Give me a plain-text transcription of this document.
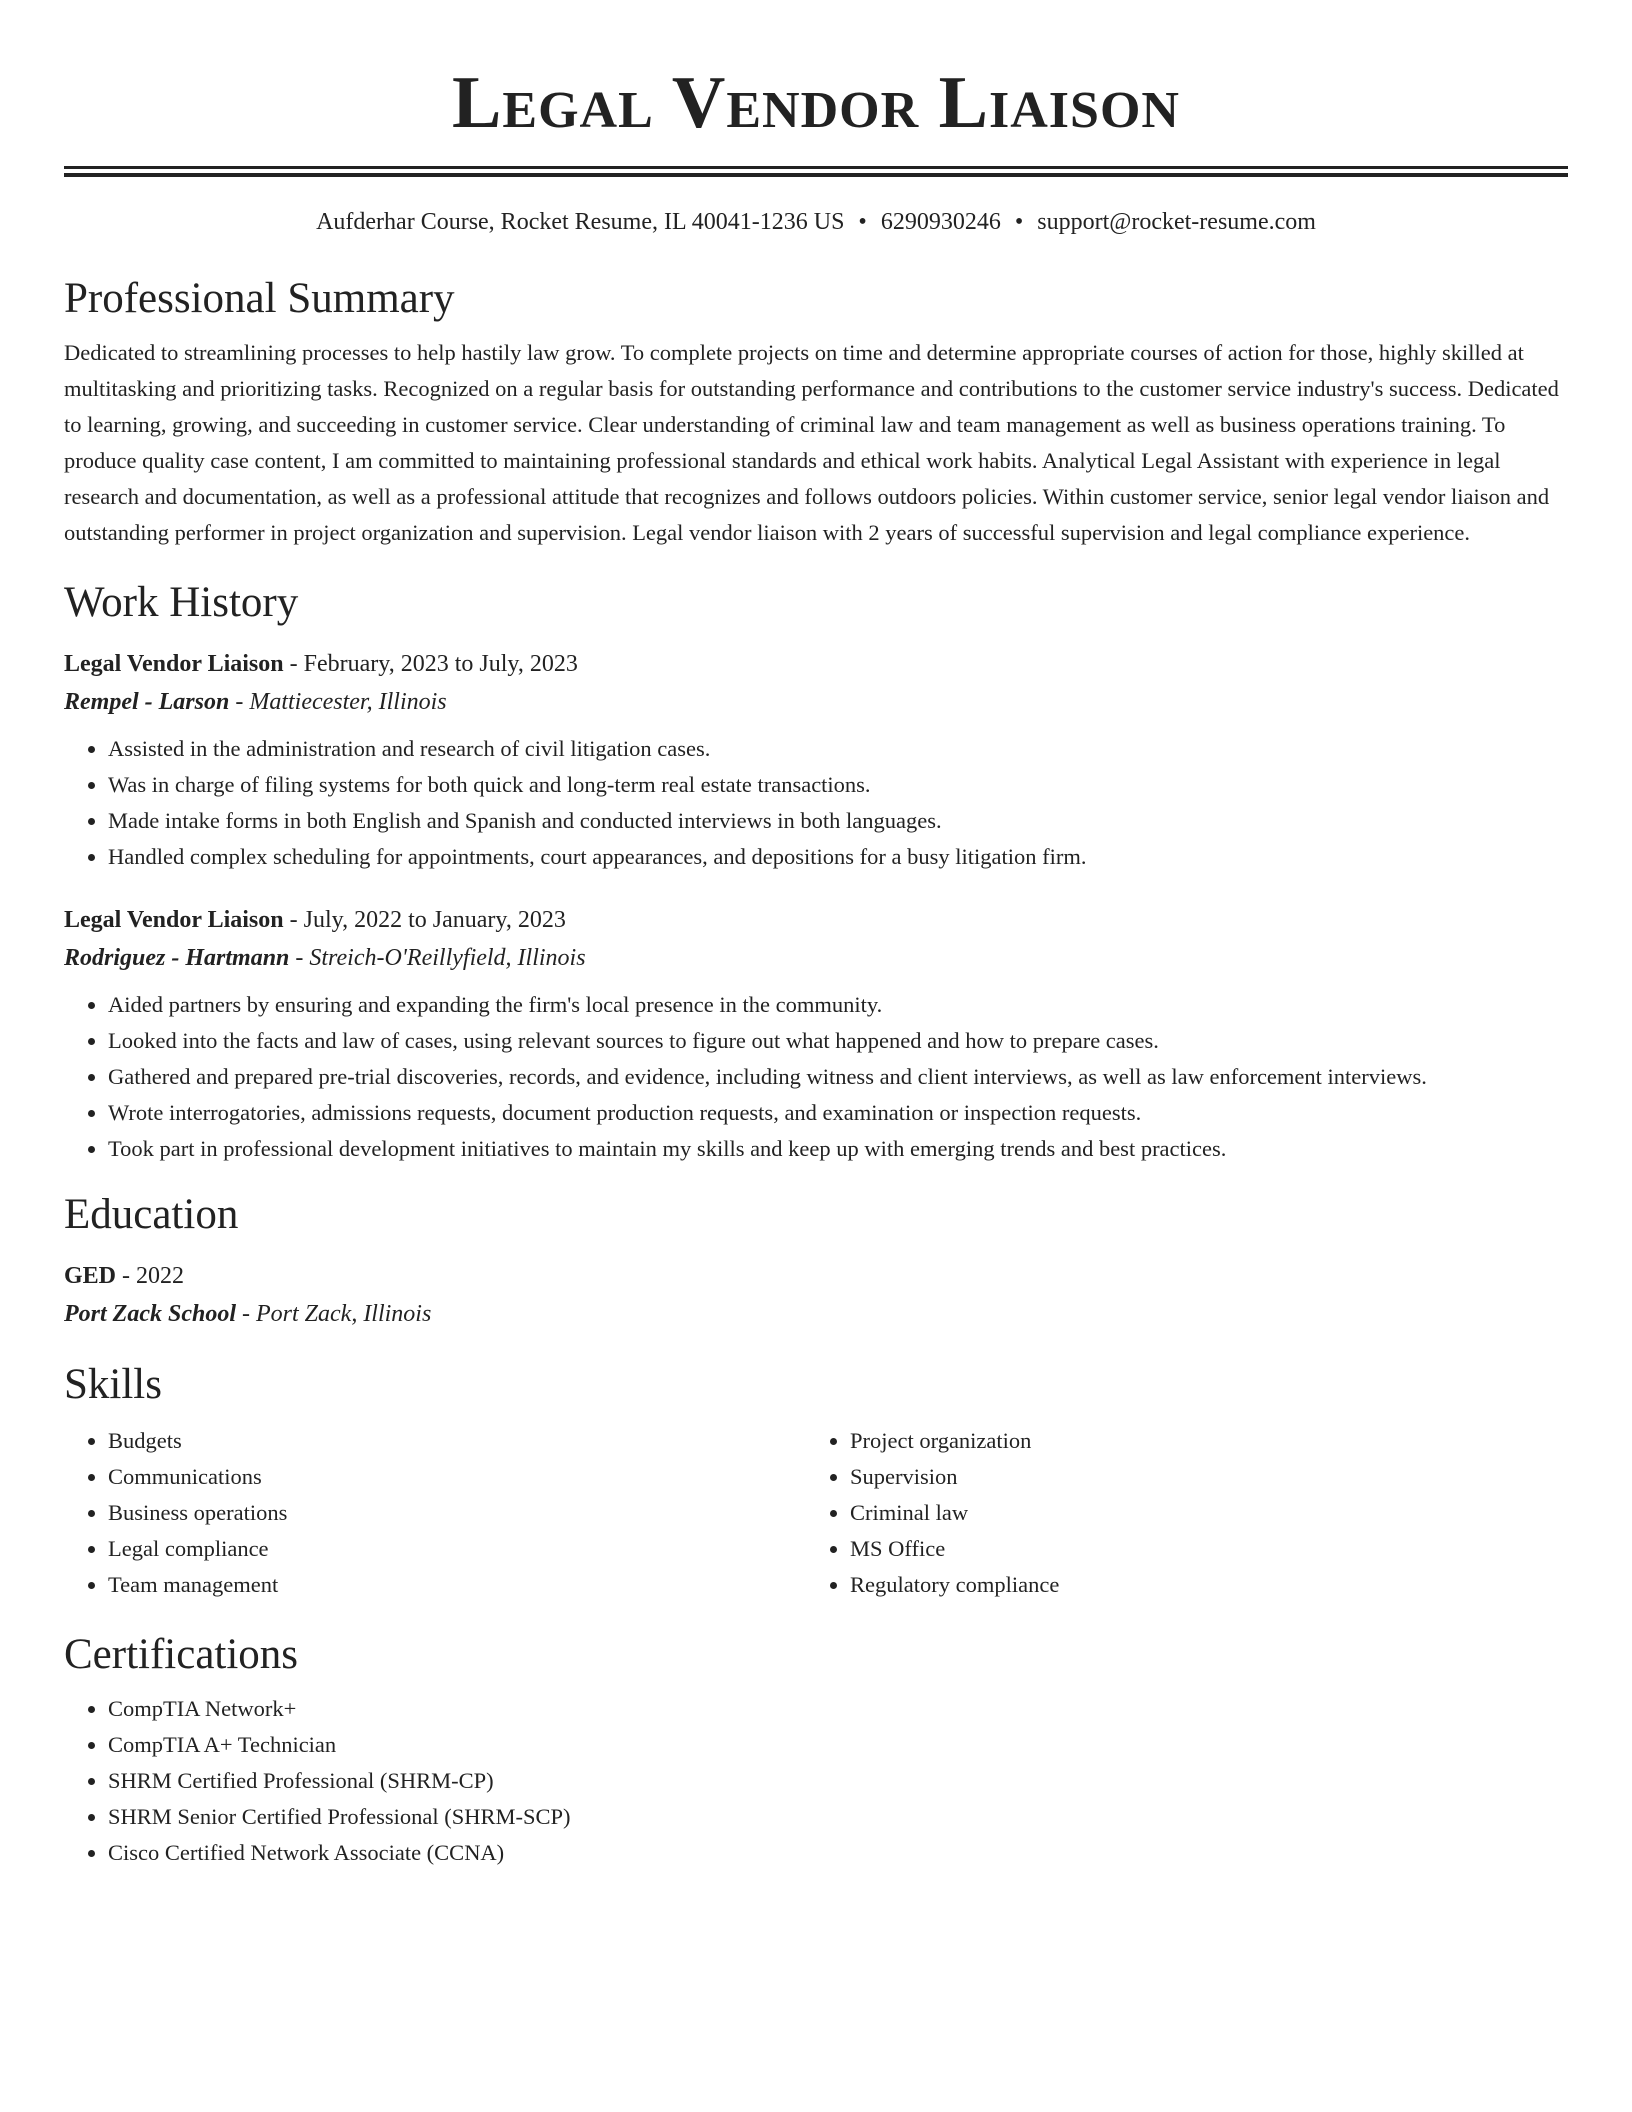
Legal Vendor Liaison
Aufderhar Course, Rocket Resume, IL 40041-1236 US • 6290930246 • support@rocket-resume.com
Professional Summary

Dedicated to streamlining processes to help hastily law grow. To complete projects on time and determine appropriate courses of action for those, highly skilled at multitasking and prioritizing tasks. Recognized on a regular basis for outstanding performance and contributions to the customer service industry's success. Dedicated to learning, growing, and succeeding in customer service. Clear understanding of criminal law and team management as well as business operations training. To produce quality case content, I am committed to maintaining professional standards and ethical work habits. Analytical Legal Assistant with experience in legal research and documentation, as well as a professional attitude that recognizes and follows outdoors policies. Within customer service, senior legal vendor liaison and outstanding performer in project organization and supervision. Legal vendor liaison with 2 years of successful supervision and legal compliance experience.

Work History
Legal Vendor Liaison - February, 2023 to July, 2023
Rempel - Larson - Mattiecester, Illinois
• Assisted in the administration and research of civil litigation cases.
• Was in charge of filing systems for both quick and long-term real estate transactions.
• Made intake forms in both English and Spanish and conducted interviews in both languages.
• Handled complex scheduling for appointments, court appearances, and depositions for a busy litigation firm.
Legal Vendor Liaison - July, 2022 to January, 2023
Rodriguez - Hartmann - Streich-O'Reillyfield, Illinois
• Aided partners by ensuring and expanding the firm's local presence in the community.
• Looked into the facts and law of cases, using relevant sources to figure out what happened and how to prepare cases.
• Gathered and prepared pre-trial discoveries, records, and evidence, including witness and client interviews, as well as law enforcement interviews.
• Wrote interrogatories, admissions requests, document production requests, and examination or inspection requests.
• Took part in professional development initiatives to maintain my skills and keep up with emerging trends and best practices.
Education
GED - 2022
Port Zack School - Port Zack, Illinois
Skills
• Budgets
• Communications
• Business operations
• Legal compliance
• Team management
• Project organization
• Supervision
• Criminal law
• MS Office
• Regulatory compliance
Certifications
• CompTIA Network+
• CompTIA A+ Technician
• SHRM Certified Professional (SHRM-CP)
• SHRM Senior Certified Professional (SHRM-SCP)
• Cisco Certified Network Associate (CCNA)
